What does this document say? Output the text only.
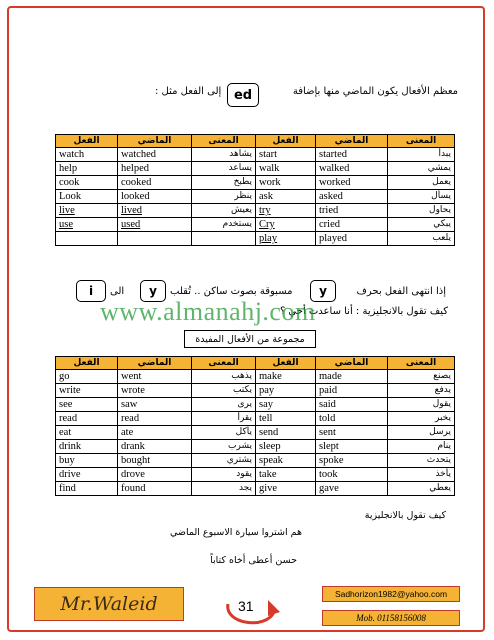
معظم الأفعال يكون الماضي منها بإضافة
ed
إلى الفعل مثل :
الفعل	الماضي	المعنى	الفعل	الماضي	المعنى
watch	watched	يشاهد	start	started	يبدأ
help	helped	يساعد	walk	walked	يمشي
cook	cooked	يطبخ	work	worked	يعمل
Look	looked	ينظر	ask	asked	يسأل
live	lived	يعيش	try	tried	يحاول
use	used	يستخدم	Cry	cried	يبكي
			play	played	يلعب
إذا انتهى الفعل بحرف
y
مسبوقة بصوت ساكن .. تُقلب
y
الى
i
كيف تقول بالانجليزية : أنا ساعدت أخي ؟
www.almanahj.com
مجموعة من الأفعال المفيدة
الفعل	الماضي	المعنى	الفعل	الماضي	المعنى
go	went	يذهب	make	made	يصنع
write	wrote	يكتب	pay	paid	يدفع
see	saw	يرى	say	said	يقول
read	read	يقرأ	tell	told	يخبر
eat	ate	يأكل	send	sent	يرسل
drink	drank	يشرب	sleep	slept	ينام
buy	bought	يشتري	speak	spoke	يتحدث
drive	drove	يقود	take	took	يأخذ
find	found	يجد	give	gave	يعطي
كيف تقول بالانجليزية
هم اشتروا سيارة الاسبوع الماضي
حسن أعطى أخاه كتاباً
Mr.Waleid	31
Sadhorizon1982@yahoo.com
Mob. 01158156008
